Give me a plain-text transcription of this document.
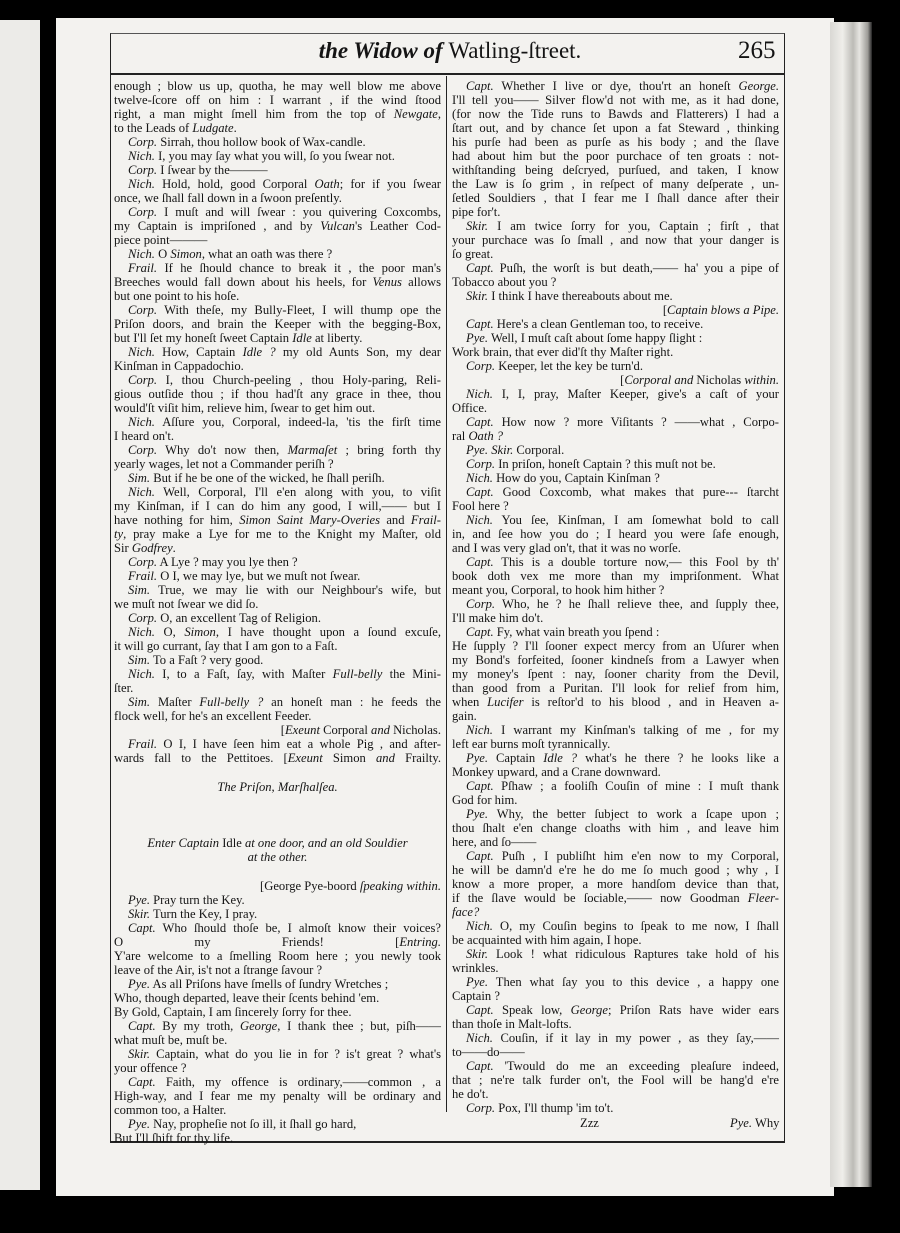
the Widow of Watling-ſtreet.	265
enough ; blow us up, quotha, he may well blow me above
twelve-ſcore off on him : I warrant , if the wind ſtood
right, a man might ſmell him from the top of Newgate,
to the Leads of Ludgate.
Corp. Sirrah, thou hollow book of Wax-candle.
Nich. I, you may ſay what you will, ſo you ſwear not.
Corp. I ſwear by the———
Nich. Hold, hold, good Corporal Oath; for if you ſwear
once, we ſhall fall down in a ſwoon preſently.
Corp. I muſt and will ſwear : you quivering Coxcombs,
my Captain is impriſoned , and by Vulcan's Leather Cod-
piece point———
Nich. O Simon, what an oath was there ?
Frail. If he ſhould chance to break it , the poor man's
Breeches would fall down about his heels, for Venus allows
but one point to his hoſe.
Corp. With theſe, my Bully-Fleet, I will thump ope the
Priſon doors, and brain the Keeper with the begging-Box,
but I'll ſet my honeſt ſweet Captain Idle at liberty.
Nich. How, Captain Idle ? my old Aunts Son, my dear
Kinſman in Cappadochio.
Corp. I, thou Church-peeling , thou Holy-paring, Reli-
gious outſide thou ; if thou had'ſt any grace in thee, thou
would'ſt viſit him, relieve him, ſwear to get him out.
Nich. Aſſure you, Corporal, indeed-la, 'tis the firſt time
I heard on't.
Corp. Why do't now then, Marmaſet ; bring forth thy
yearly wages, let not a Commander periſh ?
Sim. But if he be one of the wicked, he ſhall periſh.
Nich. Well, Corporal, I'll e'en along with you, to viſit
my Kinſman, if I can do him any good, I will,—— but I
have nothing for him, Simon Saint Mary-Overies and Frail-
ty, pray make a Lye for me to the Knight my Maſter, old
Sir Godfrey.
Corp. A Lye ? may you lye then ?
Frail. O I, we may lye, but we muſt not ſwear.
Sim. True, we may lie with our Neighbour's wife, but
we muſt not ſwear we did ſo.
Corp. O, an excellent Tag of Religion.
Nich. O, Simon, I have thought upon a ſound excuſe,
it will go currant, ſay that I am gon to a Faſt.
Sim. To a Faſt ? very good.
Nich. I, to a Faſt, ſay, with Maſter Full-belly the Mini-
ſter.
Sim. Maſter Full-belly ? an honeſt man : he feeds the
flock well, for he's an excellent Feeder.
[Exeunt Corporal and Nicholas.
Frail. O I, I have ſeen him eat a whole Pig , and after-
wards fall to the Pettitoes. [Exeunt Simon and Frailty.
The Priſon, Marſhalſea.
Enter Captain Idle at one door, and an old Souldier
at the other.
[George Pye-boord ſpeaking within.
Pye. Pray turn the Key.
Skir. Turn the Key, I pray.
Capt. Who ſhould thoſe be, I almoſt know their voices?
O my Friends! [Entring.
Y'are welcome to a ſmelling Room here ; you newly took
leave of the Air, is't not a ſtrange ſavour ?
Pye. As all Priſons have ſmells of ſundry Wretches ;
Who, though departed, leave their ſcents behind 'em.
By Gold, Captain, I am ſincerely ſorry for thee.
Capt. By my troth, George, I thank thee ; but, piſh——
what muſt be, muſt be.
Skir. Captain, what do you lie in for ? is't great ? what's
your offence ?
Capt. Faith, my offence is ordinary,——common , a
High-way, and I fear me my penalty will be ordinary and
common too, a Halter.
Pye. Nay, propheſie not ſo ill, it ſhall go hard,
But I'll ſhift for thy life.
Capt. Whether I live or dye, thou'rt an honeſt George.
I'll tell you—— Silver flow'd not with me, as it had done,
(for now the Tide runs to Bawds and Flatterers) I had a
ſtart out, and by chance ſet upon a fat Steward , thinking
his purſe had been as purſe as his body ; and the ſlave
had about him but the poor purchace of ten groats : not-
withſtanding being deſcryed, purſued, and taken, I know
the Law is ſo grim , in reſpect of many deſperate , un-
ſetled Souldiers , that I fear me I ſhall dance after their
pipe for't.
Skir. I am twice ſorry for you, Captain ; firſt , that
your purchace was ſo ſmall , and now that your danger is
ſo great.
Capt. Puſh, the worſt is but death,—— ha' you a pipe of
Tobacco about you ?
Skir. I think I have thereabouts about me.
[Captain blows a Pipe.
Capt. Here's a clean Gentleman too, to receive.
Pye. Well, I muſt caſt about ſome happy ſlight :
Work brain, that ever did'ſt thy Maſter right.
Corp. Keeper, let the key be turn'd.
[Corporal and Nicholas within.
Nich. I, I, pray, Maſter Keeper, give's a caſt of your
Office.
Capt. How now ? more Viſitants ? ——what , Corpo-
ral Oath ?
Pye. Skir. Corporal.
Corp. In priſon, honeſt Captain ? this muſt not be.
Nich. How do you, Captain Kinſman ?
Capt. Good Coxcomb, what makes that pure--- ſtarcht
Fool here ?
Nich. You ſee, Kinſman, I am ſomewhat bold to call
in, and ſee how you do ; I heard you were ſafe enough,
and I was very glad on't, that it was no worſe.
Capt. This is a double torture now,— this Fool by th'
book doth vex me more than my impriſonment. What
meant you, Corporal, to hook him hither ?
Corp. Who, he ? he ſhall relieve thee, and ſupply thee,
I'll make him do't.
Capt. Fy, what vain breath you ſpend :
He ſupply ? I'll ſooner expect mercy from an Uſurer when
my Bond's forfeited, ſooner kindneſs from a Lawyer when
my money's ſpent : nay, ſooner charity from the Devil,
than good from a Puritan. I'll look for relief from him,
when Lucifer is reſtor'd to his blood , and in Heaven a-
gain.
Nich. I warrant my Kinſman's talking of me , for my
left ear burns moſt tyrannically.
Pye. Captain Idle ? what's he there ? he looks like a
Monkey upward, and a Crane downward.
Capt. Pſhaw ; a fooliſh Couſin of mine : I muſt thank
God for him.
Pye. Why, the better ſubject to work a ſcape upon ;
thou ſhalt e'en change cloaths with him , and leave him
here, and ſo——
Capt. Puſh , I publiſht him e'en now to my Corporal,
he will be damn'd e're he do me ſo much good ; why , I
know a more proper, a more handſom device than that,
if the ſlave would be ſociable,—— now Goodman Fleer-
face?
Nich. O, my Couſin begins to ſpeak to me now, I ſhall
be acquainted with him again, I hope.
Skir. Look ! what ridiculous Raptures take hold of his
wrinkles.
Pye. Then what ſay you to this device , a happy one
Captain ?
Capt. Speak low, George; Priſon Rats have wider ears
than thoſe in Malt-lofts.
Nich. Couſin, if it lay in my power , as they ſay,——
to——do——
Capt. 'Twould do me an exceeding pleaſure indeed,
that ; ne're talk furder on't, the Fool will be hang'd e're
he do't.
Corp. Pox, I'll thump 'im to't.
Zzz	Pye. Why
